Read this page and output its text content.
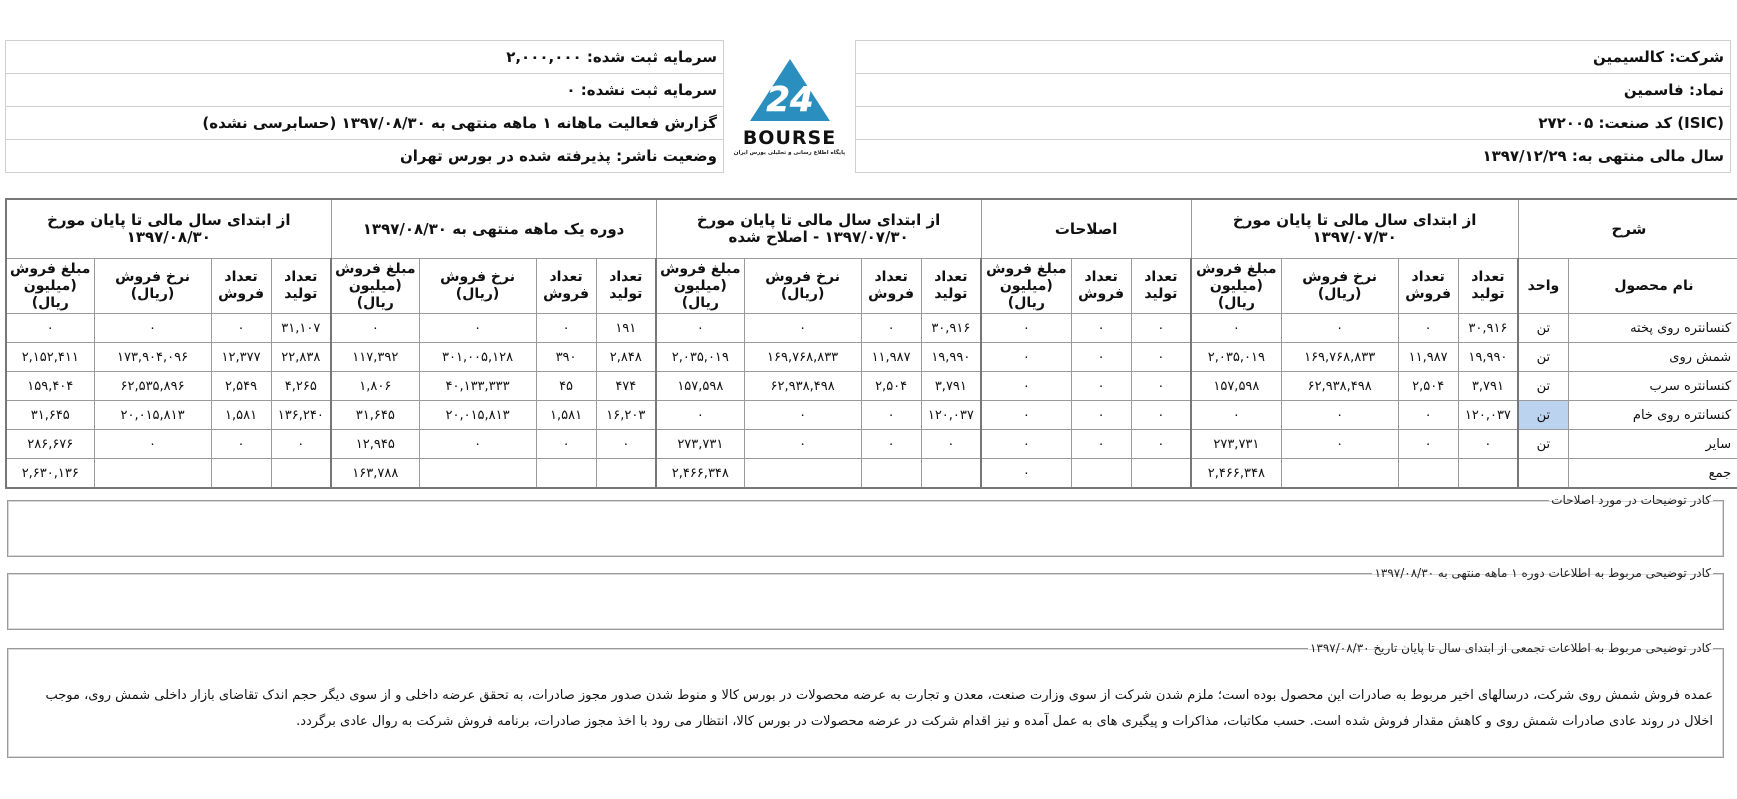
شرکت: کالسیمین	24
BOURSE
پایگاه اطلاع رسانی و تحلیلی بورس ایران	سرمایه ثبت شده: ۲,۰۰۰,۰۰۰
نماد: فاسمین		سرمایه ثبت نشده: ۰
(ISIC) کد صنعت: ۲۷۲۰۰۵		گزارش فعالیت ماهانه ۱ ماهه منتهی به ۱۳۹۷/۰۸/۳۰ (حسابرسی نشده)
سال مالی منتهی به: ۱۳۹۷/۱۲/۲۹		وضعیت ناشر: پذیرفته شده در بورس تهران
شرح		از ابتدای سال مالی تا پایان مورخ ۱۳۹۷/۰۷/۳۰				اصلاحات			از ابتدای سال مالی تا پایان مورخ ۱۳۹۷/۰۷/۳۰ - اصلاح شده				دوره یک ماهه منتهی به ۱۳۹۷/۰۸/۳۰				از ابتدای سال مالی تا پایان مورخ ۱۳۹۷/۰۸/۳۰			
نام محصول	واحد	تعداد تولید	تعداد فروش	نرخ فروش (ریال)	مبلغ فروش (میلیون ریال)	تعداد تولید	تعداد فروش	مبلغ فروش (میلیون ریال)	تعداد تولید	تعداد فروش	نرخ فروش (ریال)	مبلغ فروش (میلیون ریال)	تعداد تولید	تعداد فروش	نرخ فروش (ریال)	مبلغ فروش (میلیون ریال)	تعداد تولید	تعداد فروش	نرخ فروش (ریال)	مبلغ فروش (میلیون ریال)
کنسانتره روی پخته	تن	۳۰,۹۱۶	۰	۰	۰	۰	۰	۰	۳۰,۹۱۶	۰	۰	۰	۱۹۱	۰	۰	۰	۳۱,۱۰۷	۰	۰	۰
شمش روی	تن	۱۹,۹۹۰	۱۱,۹۸۷	۱۶۹,۷۶۸,۸۳۳	۲,۰۳۵,۰۱۹	۰	۰	۰	۱۹,۹۹۰	۱۱,۹۸۷	۱۶۹,۷۶۸,۸۳۳	۲,۰۳۵,۰۱۹	۲,۸۴۸	۳۹۰	۳۰۱,۰۰۵,۱۲۸	۱۱۷,۳۹۲	۲۲,۸۳۸	۱۲,۳۷۷	۱۷۳,۹۰۴,۰۹۶	۲,۱۵۲,۴۱۱
کنسانتره سرب	تن	۳,۷۹۱	۲,۵۰۴	۶۲,۹۳۸,۴۹۸	۱۵۷,۵۹۸	۰	۰	۰	۳,۷۹۱	۲,۵۰۴	۶۲,۹۳۸,۴۹۸	۱۵۷,۵۹۸	۴۷۴	۴۵	۴۰,۱۳۳,۳۳۳	۱,۸۰۶	۴,۲۶۵	۲,۵۴۹	۶۲,۵۳۵,۸۹۶	۱۵۹,۴۰۴
کنسانتره روی خام	تن	۱۲۰,۰۳۷	۰	۰	۰	۰	۰	۰	۱۲۰,۰۳۷	۰	۰	۰	۱۶,۲۰۳	۱,۵۸۱	۲۰,۰۱۵,۸۱۳	۳۱,۶۴۵	۱۳۶,۲۴۰	۱,۵۸۱	۲۰,۰۱۵,۸۱۳	۳۱,۶۴۵
سایر	تن	۰	۰	۰	۲۷۳,۷۳۱	۰	۰	۰	۰	۰	۰	۲۷۳,۷۳۱	۰	۰	۰	۱۲,۹۴۵	۰	۰	۰	۲۸۶,۶۷۶
جمع					۲,۴۶۶,۳۴۸			۰				۲,۴۶۶,۳۴۸				۱۶۳,۷۸۸				۲,۶۳۰,۱۳۶
کادر توضیحات در مورد اصلاحات
کادر توضیحی مربوط به اطلاعات دوره ۱ ماهه منتهی به ۱۳۹۷/۰۸/۳۰
کادر توضیحی مربوط به اطلاعات تجمعی از ابتدای سال تا پایان تاریخ ۱۳۹۷/۰۸/۳۰
عمده فروش شمش روی شرکت، درسالهای اخیر مربوط به صادرات این محصول بوده است؛ ملزم شدن شرکت از سوی وزارت صنعت، معدن و تجارت به عرضه محصولات در بورس کالا و منوط شدن صدور مجوز صادرات، به تحقق عرضه داخلی و از سوی دیگر حجم اندک تقاضای بازار داخلی شمش روی، موجب اخلال در روند عادی صادرات شمش روی و کاهش مقدار فروش شده است. حسب مکاتبات، مذاکرات و پیگیری های به عمل آمده و نیز اقدام شرکت در عرضه محصولات در بورس کالا، انتظار می رود با اخذ مجوز صادرات، برنامه فروش شرکت به روال عادی برگردد.
